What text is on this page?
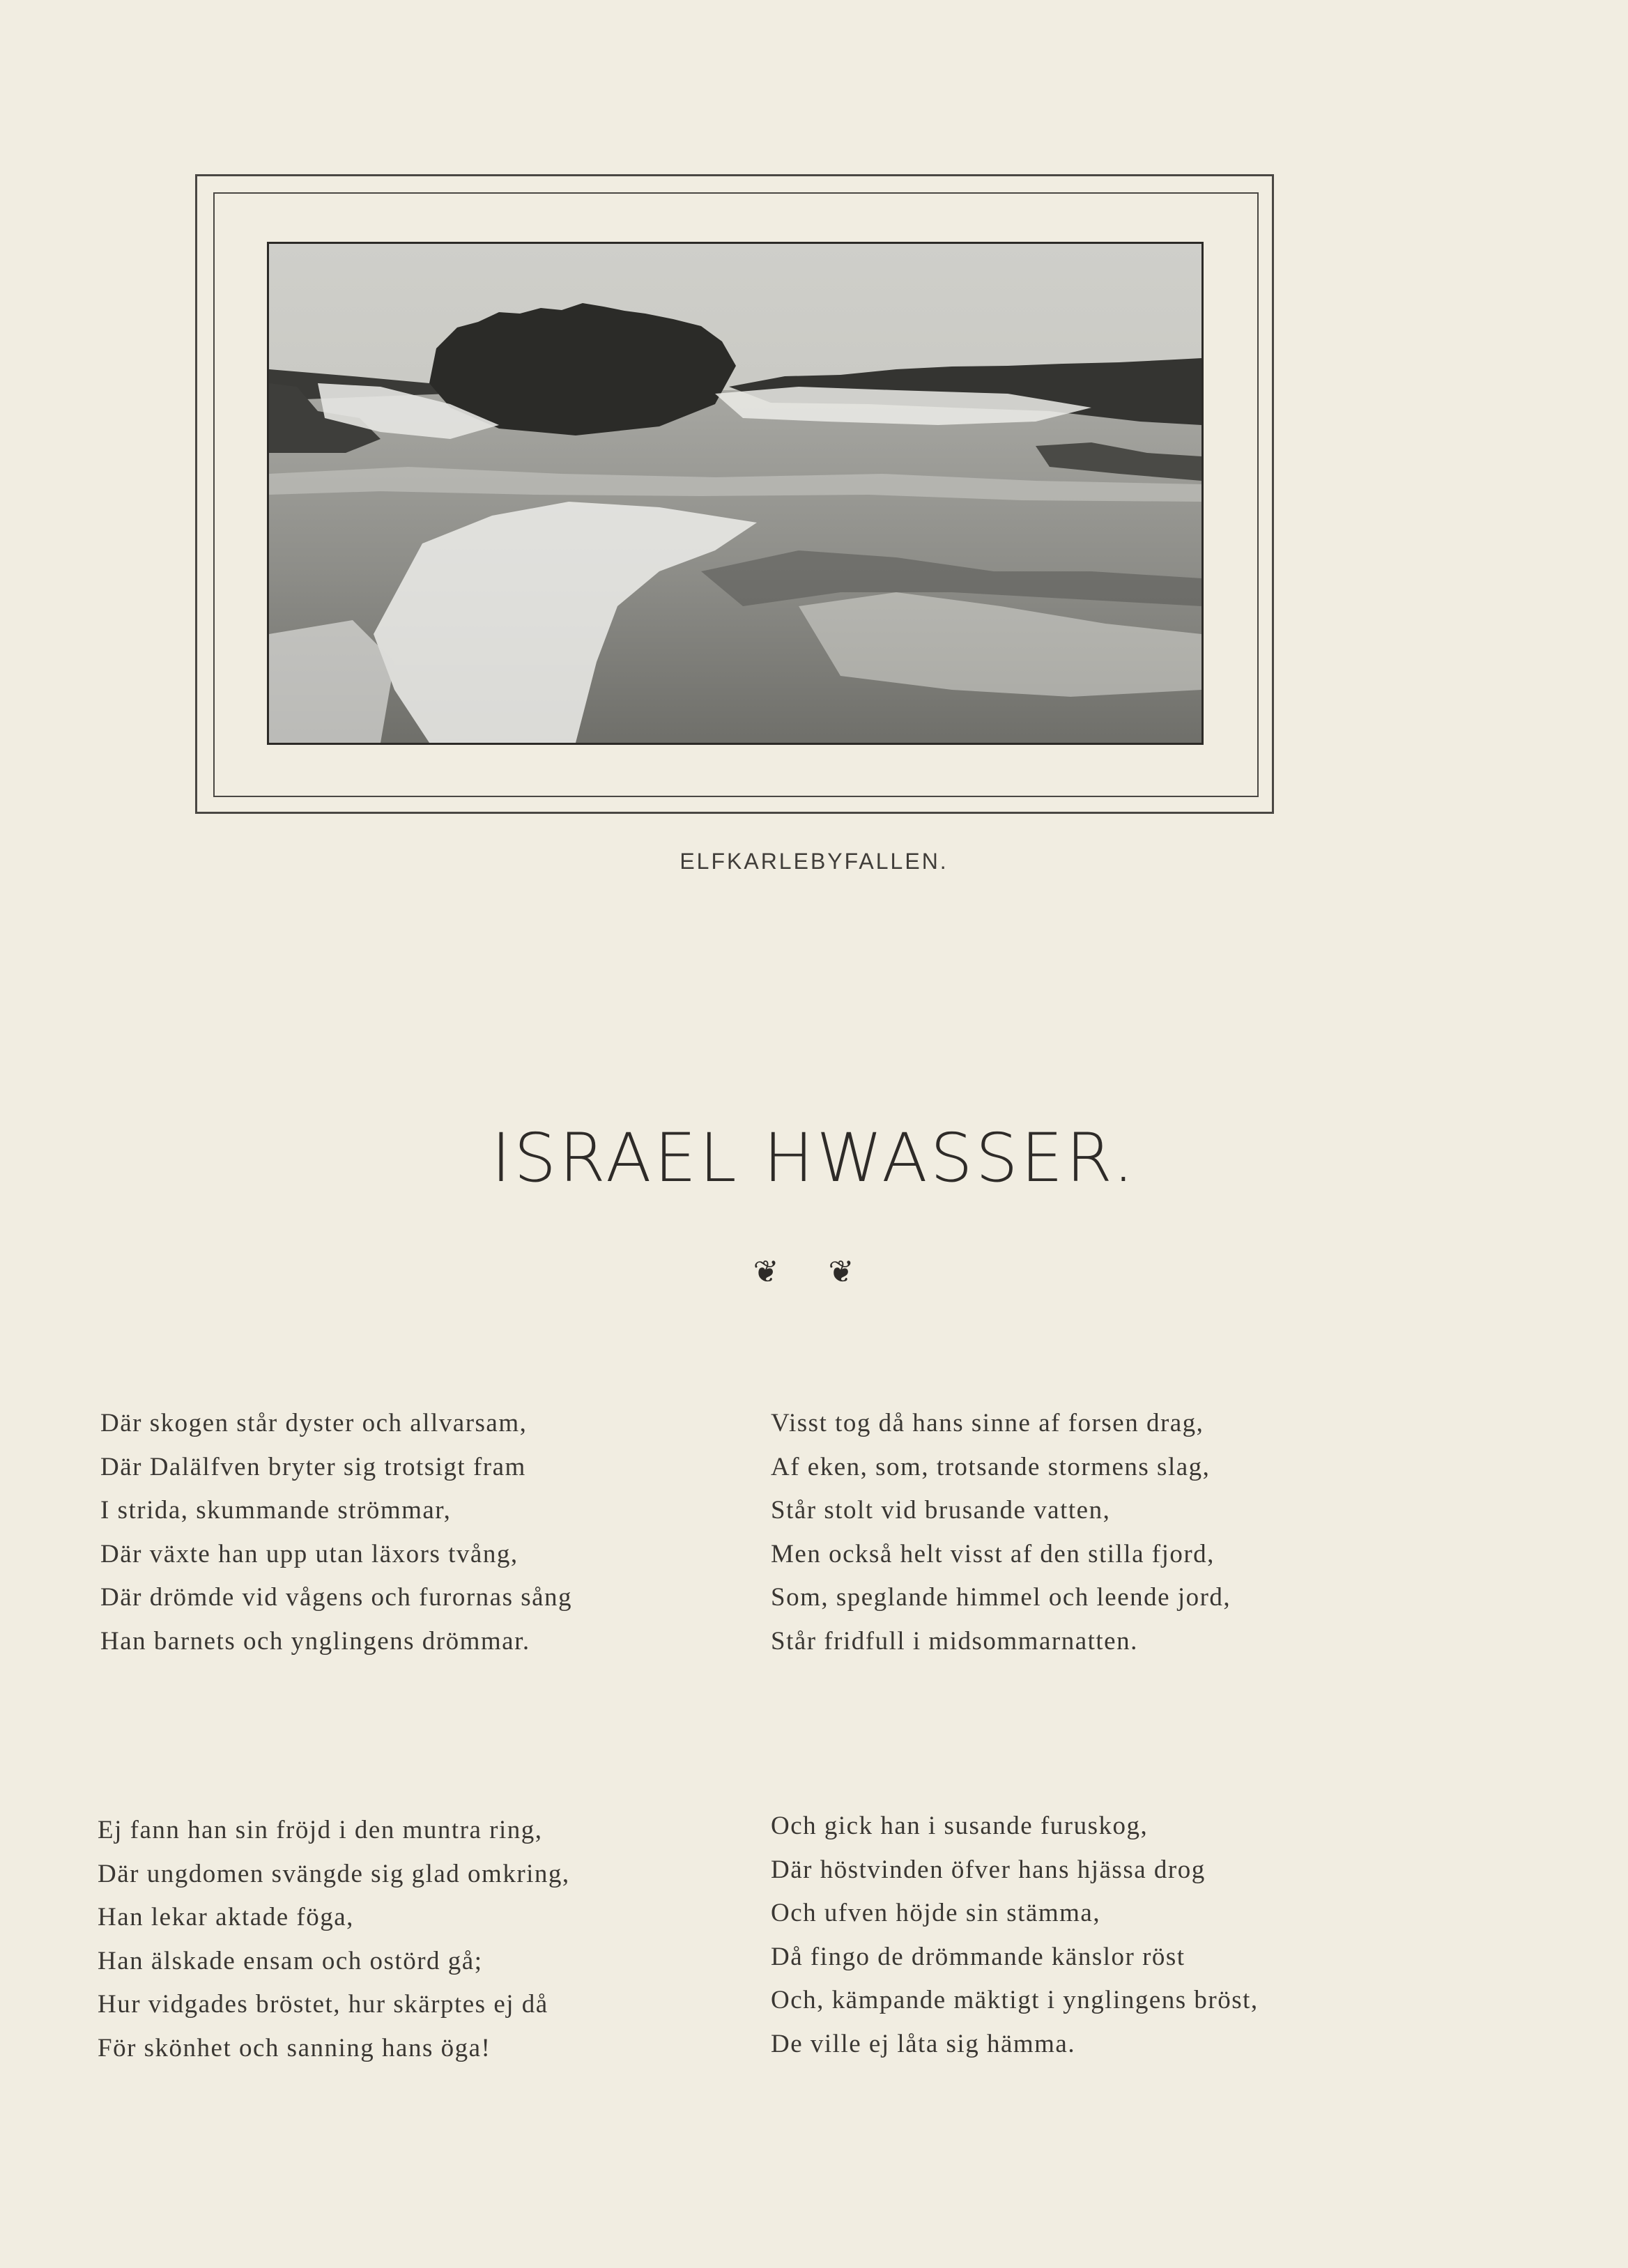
ELFKARLEBYFALLEN.
ISRAEL HWASSER.
❦ ❦
Där skogen står dyster och allvarsam,
Där Dalälfven bryter sig trotsigt fram
I strida, skummande strömmar,
Där växte han upp utan läxors tvång,
Där drömde vid vågens och furornas sång
Han barnets och ynglingens drömmar.
Visst tog då hans sinne af forsen drag,
Af eken, som, trotsande stormens slag,
Står stolt vid brusande vatten,
Men också helt visst af den stilla fjord,
Som, speglande himmel och leende jord,
Står fridfull i midsommarnatten.
Ej fann han sin fröjd i den muntra ring,
Där ungdomen svängde sig glad omkring,
Han lekar aktade föga,
Han älskade ensam och ostörd gå;
Hur vidgades bröstet, hur skärptes ej då
För skönhet och sanning hans öga!
Och gick han i susande furuskog,
Där höstvinden öfver hans hjässa drog
Och ufven höjde sin stämma,
Då fingo de drömmande känslor röst
Och, kämpande mäktigt i ynglingens bröst,
De ville ej låta sig hämma.
